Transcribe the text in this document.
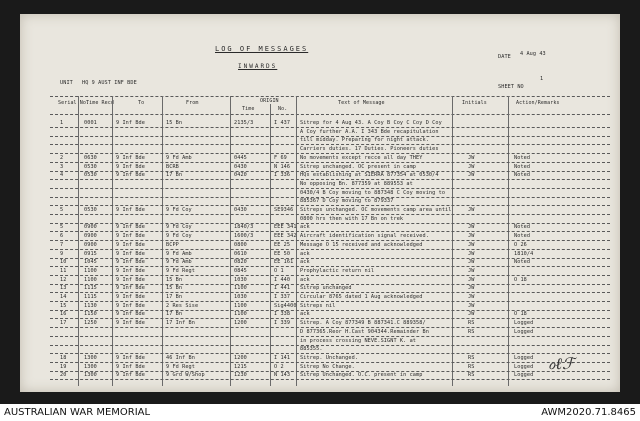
LOG OF MESSAGES
INWARDS
UNIT HQ 9 AUST INF BDE
DATE 4 Aug 43
SHEET NO
1
Serial No.
Time Recd	To	From	ORIGIN
Time	No.
Text of Message	Initials	Action/Remarks
1	0001	9 Inf Bde	15 Bn	2135/3	I 437 Sitrep for 4 Aug 43. A Coy B Coy C Coy D Coy
A Coy further A.A. I 343 Bde recapitulation
till midday. Preparing for night attack.
Carriers duties. 17 Duties. Pioneers duties
2	0630	9 Inf Bde	9 Fd Amb	0445	F 69	No movements except recce all day THEY	JW	Noted
3	0530	9 Inf Bde	BCRB	0430	N 146 Sitrep unchanged. OC present in camp	JW	Noted
4	0530	9 Inf Bde	17 Bn	0420	I 336 HQs establishing at SIERRA 877354 at 0530/4	JW	Noted
No opposing Bn. 877359 at 889553 at
0430/4 B Coy moving to 887348 C Coy moving to
885367 D Coy moving to 879337
5	0530	9 Inf Bde	9 Fd Coy	0430	SE9346 Sitreps unchanged. OC movements camp area until	JW
0800 hrs then with 17 Bn on trek
5	0900	9 Inf Bde	9 Fd Coy	1840/3	EEE 341 ack	JW	Noted
6	0900	9 Inf Bde	9 Fd Coy	1600/3	EEE 342 Aircraft identification signal received.	JW	Noted
7	0900	9 Inf Bde	BCPP	0800	EE 25 Message O 15 received and acknowledged	JW	O 26
9	0915	9 Inf Bde	9 Fd Amb	0610	EE 50 ack	JW	1810/4
10	1045	9 Inf Bde	9 Fd Amb	0820	EE 161 ack	JW	Noted
11	1100	9 Inf Bde	9 Fd Regt	0845	O 1	Prophylactic return nil	JW
12	1100	9 Inf Bde	15 Bn	1030	I 440 ack	JW	O 18
13	1115	9 Inf Bde	15 Bn	1100	I 441 Sitrep unchanged	JW
14	1115	9 Inf Bde	17 Bn	1030	I 337 Circular 8765 dated 1 Aug acknowledged	JW
15	1130	9 Inf Bde	2 Res Sise	1100	Sig4400 Sitreps nil	JW
16	1150	9 Inf Bde	17 Bn	1100	I 338 ack	JW	O 18
17	1250	9 Inf Bde	17 Inf Bn	1200	I 339 Sitrep. A Coy 877349 B 887341.C 889358/	RS	Logged
D 877365.Reor H.Cast 904344.Remainder Bn	RS	Logged
in process crossing NEVE.SIGNT K. at
885355.
18	1300	9 Inf Bde	46 Inf Bn	1200	I 141 Sitrep. Unchanged.	RS	Logged
19	1300	9 Inf Bde	9 Fd Regt	1215	O 2	Sitrep No Change.	RS	Logged
20	1300	9 Inf Bde	9 Grd W/Shop	1230	N 143 Sitrep Unchanged. O.C. present in camp	RS	Logged
ℴℓℱ
AUSTRALIAN WAR MEMORIAL	AWM2020.71.8465
